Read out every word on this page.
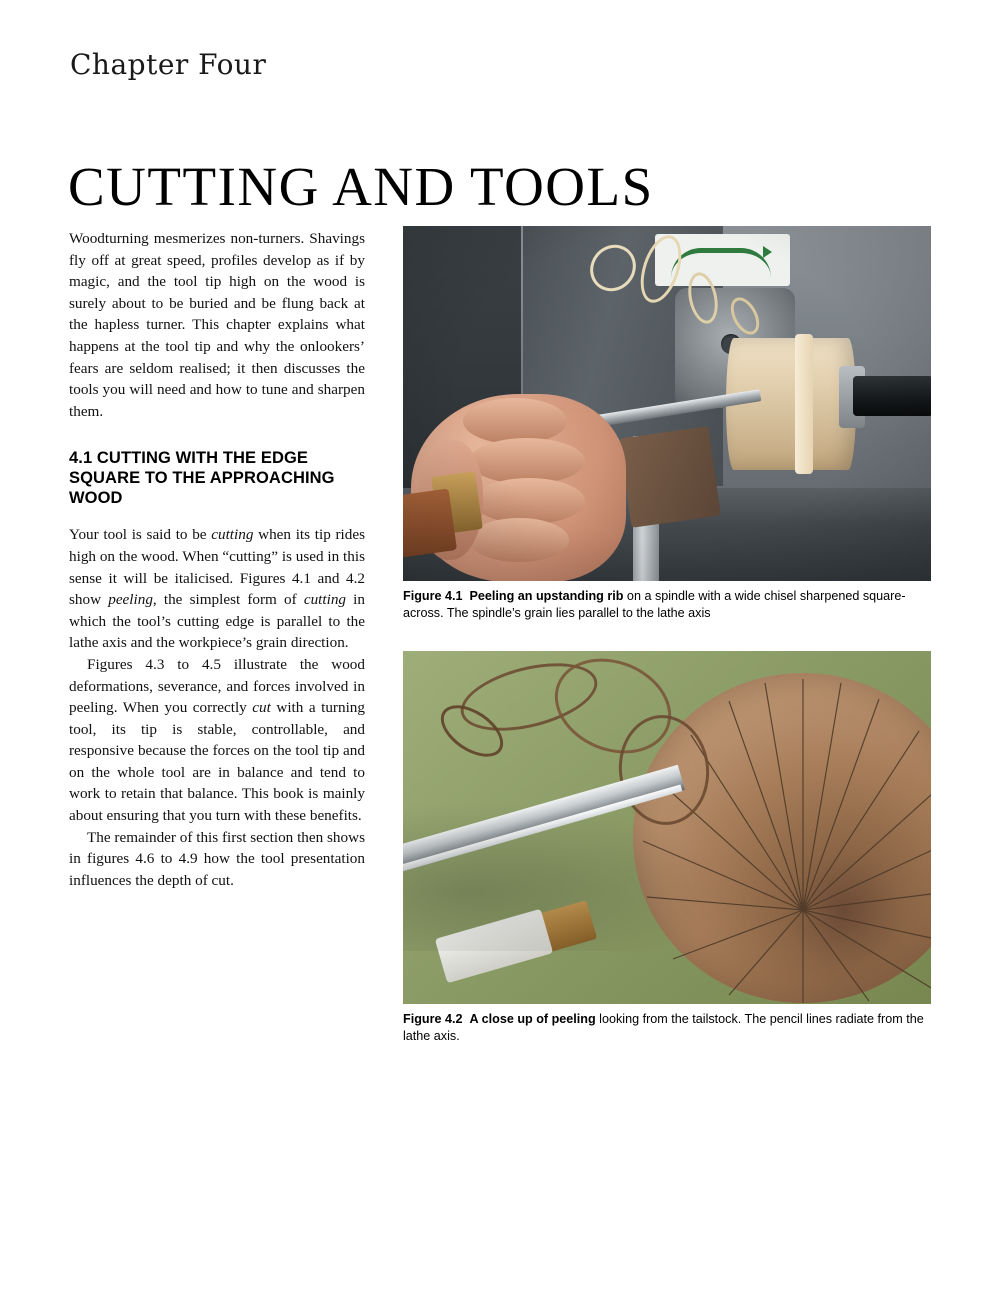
Chapter Four
CUTTING AND TOOLS

Woodturning mesmerizes non-turners. Shavings fly off at great speed, profiles develop as if by magic, and the tool tip high on the wood is surely about to be buried and be flung back at the hapless turner. This chapter explains what happens at the tool tip and why the onlookers’ fears are seldom realised; it then discusses the tools you will need and how to tune and sharpen them.

4.1 CUTTING WITH THE EDGE SQUARE TO THE APPROACHING WOOD

Your tool is said to be cutting when its tip rides high on the wood. When “cutting” is used in this sense it will be italicised. Figures 4.1 and 4.2 show peeling, the simplest form of cutting in which the tool’s cutting edge is parallel to the lathe axis and the workpiece’s grain direction.

Figures 4.3 to 4.5 illustrate the wood deformations, severance, and forces involved in peeling. When you correctly cut with a turning tool, its tip is stable, controllable, and responsive because the forces on the tool tip and on the whole tool are in balance and tend to work to retain that balance. This book is mainly about ensuring that you turn with these benefits.

The remainder of this first section then shows in figures 4.6 to 4.9 how the tool presentation influences the depth of cut.

Figure 4.1 Peeling an upstanding rib on a spindle with a wide chisel sharpened square-across. The spindle’s grain lies parallel to the lathe axis
Figure 4.2 A close up of peeling looking from the tailstock. The pencil lines radiate from the lathe axis.
